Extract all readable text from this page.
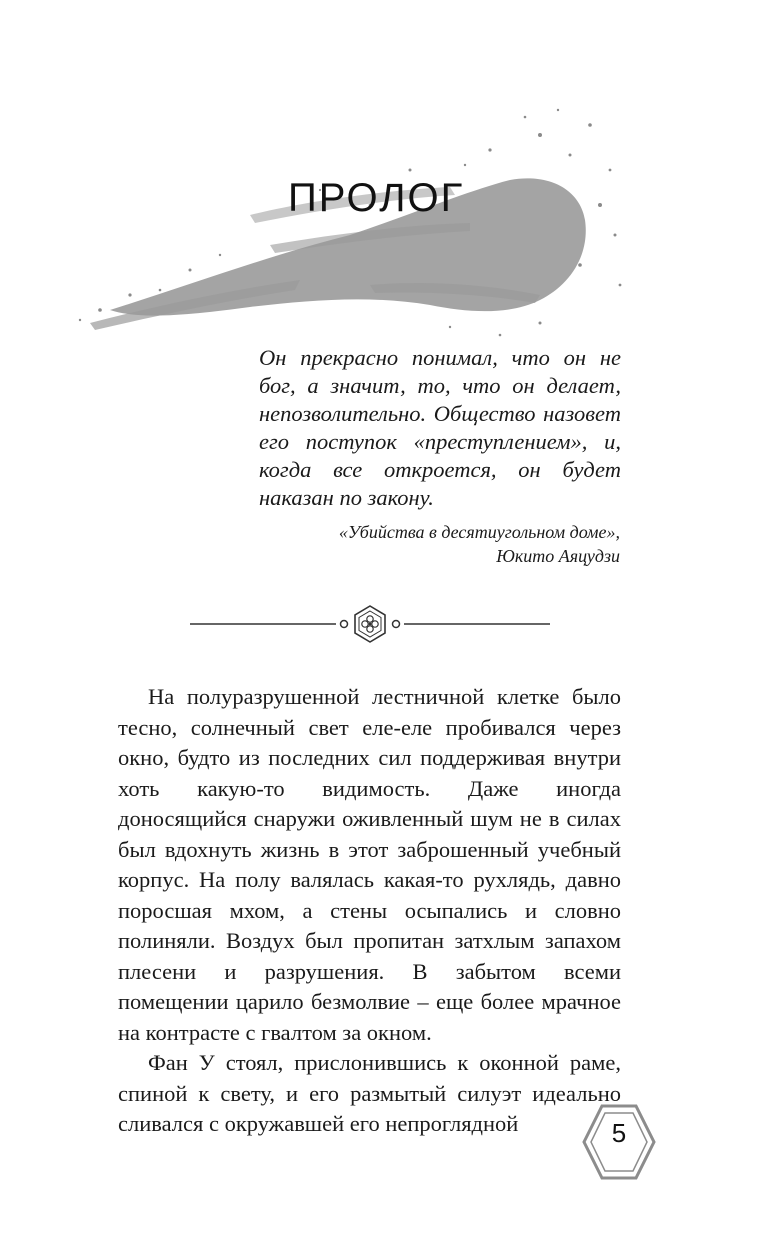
ПРОЛОГ

Он прекрасно понимал, что он не бог, а значит, то, что он делает, непозволительно. Общество назовет его поступок «преступлением», и, когда все откроется, он будет наказан по закону.

«Убийства в десятиугольном доме»,
Юкито Аяцудзи

На полуразрушенной лестничной клетке было тесно, солнечный свет еле-еле пробивался через окно, будто из последних сил поддерживая внутри хоть какую-то видимость. Даже иногда доносящийся снаружи оживленный шум не в силах был вдохнуть жизнь в этот заброшенный учебный корпус. На полу валялась какая-то рухлядь, давно поросшая мхом, а стены осыпались и словно полиняли. Воздух был пропитан затхлым запахом плесени и разрушения. В забытом всеми помещении царило безмолвие – еще более мрачное на контрасте с гвалтом за окном.

Фан У стоял, прислонившись к оконной раме, спиной к свету, и его размытый силуэт идеально сливался с окружавшей его непроглядной	5
